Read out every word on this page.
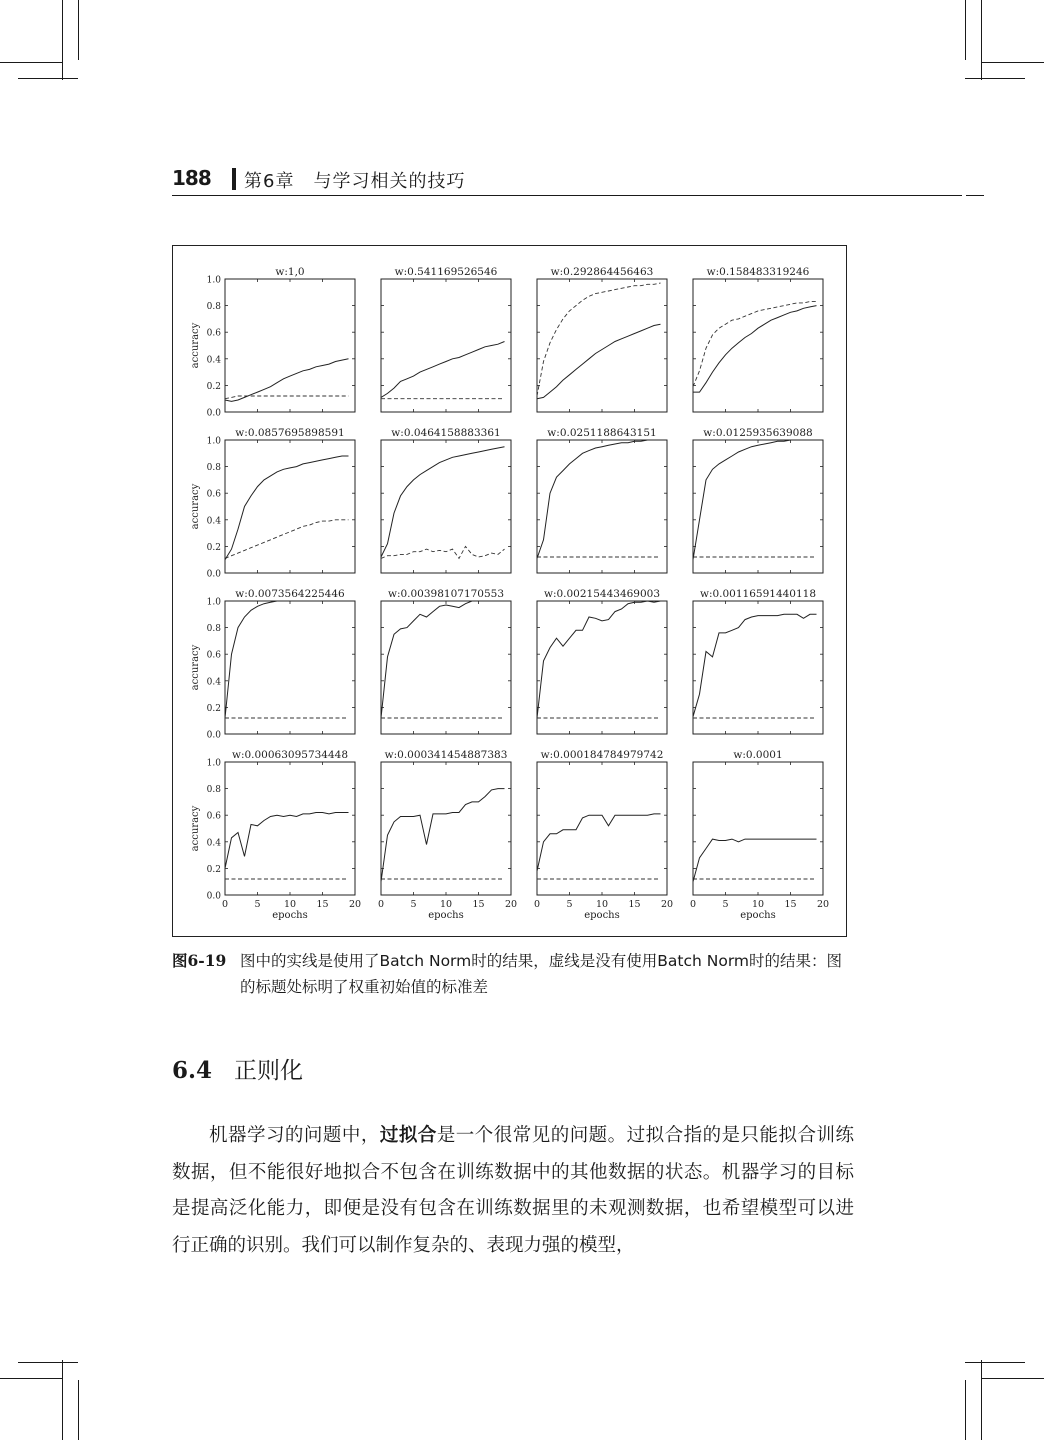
188 第6章　与学习相关的技巧
w:1,0
1.0
0.8
0.6
0.4
0.2
0.0
accuracy
w:0.541169526546	w:0.292864456463	w:0.158483319246
w:0.0857695898591
1.0
0.8
0.6
0.4
0.2
0.0
accuracy
w:0.0464158883361	w:0.0251188643151	w:0.0125935639088
w:0.0073564225446
1.0
0.8
0.6
0.4
0.2
0.0
accuracy
w:0.00398107170553	w:0.00215443469003	w:0.00116591440118
w:0.00063095734448
1.0
0.8
0.6
0.4
0.2
0.0
accuracy
0	5 10 15 20
epochs
w:0.000341454887383
0	5 10 15 20
epochs
w:0.000184784979742
0	5 10 15 20
epochs
w:0.0001
0	5 10 15 20
epochs
图6-19 图中的实线是使用了Batch Norm时的结果，虚线是没有使用Batch Norm时的结果：图的标题处标明了权重初始值的标准差
6.4 正则化

机器学习的问题中，过拟合是一个很常见的问题。过拟合指的是只能拟合训练数据，但不能很好地拟合不包含在训练数据中的其他数据的状态。机器学习的目标是提高泛化能力，即便是没有包含在训练数据里的未观测数据，也希望模型可以进行正确的识别。我们可以制作复杂的、表现力强的模型，
